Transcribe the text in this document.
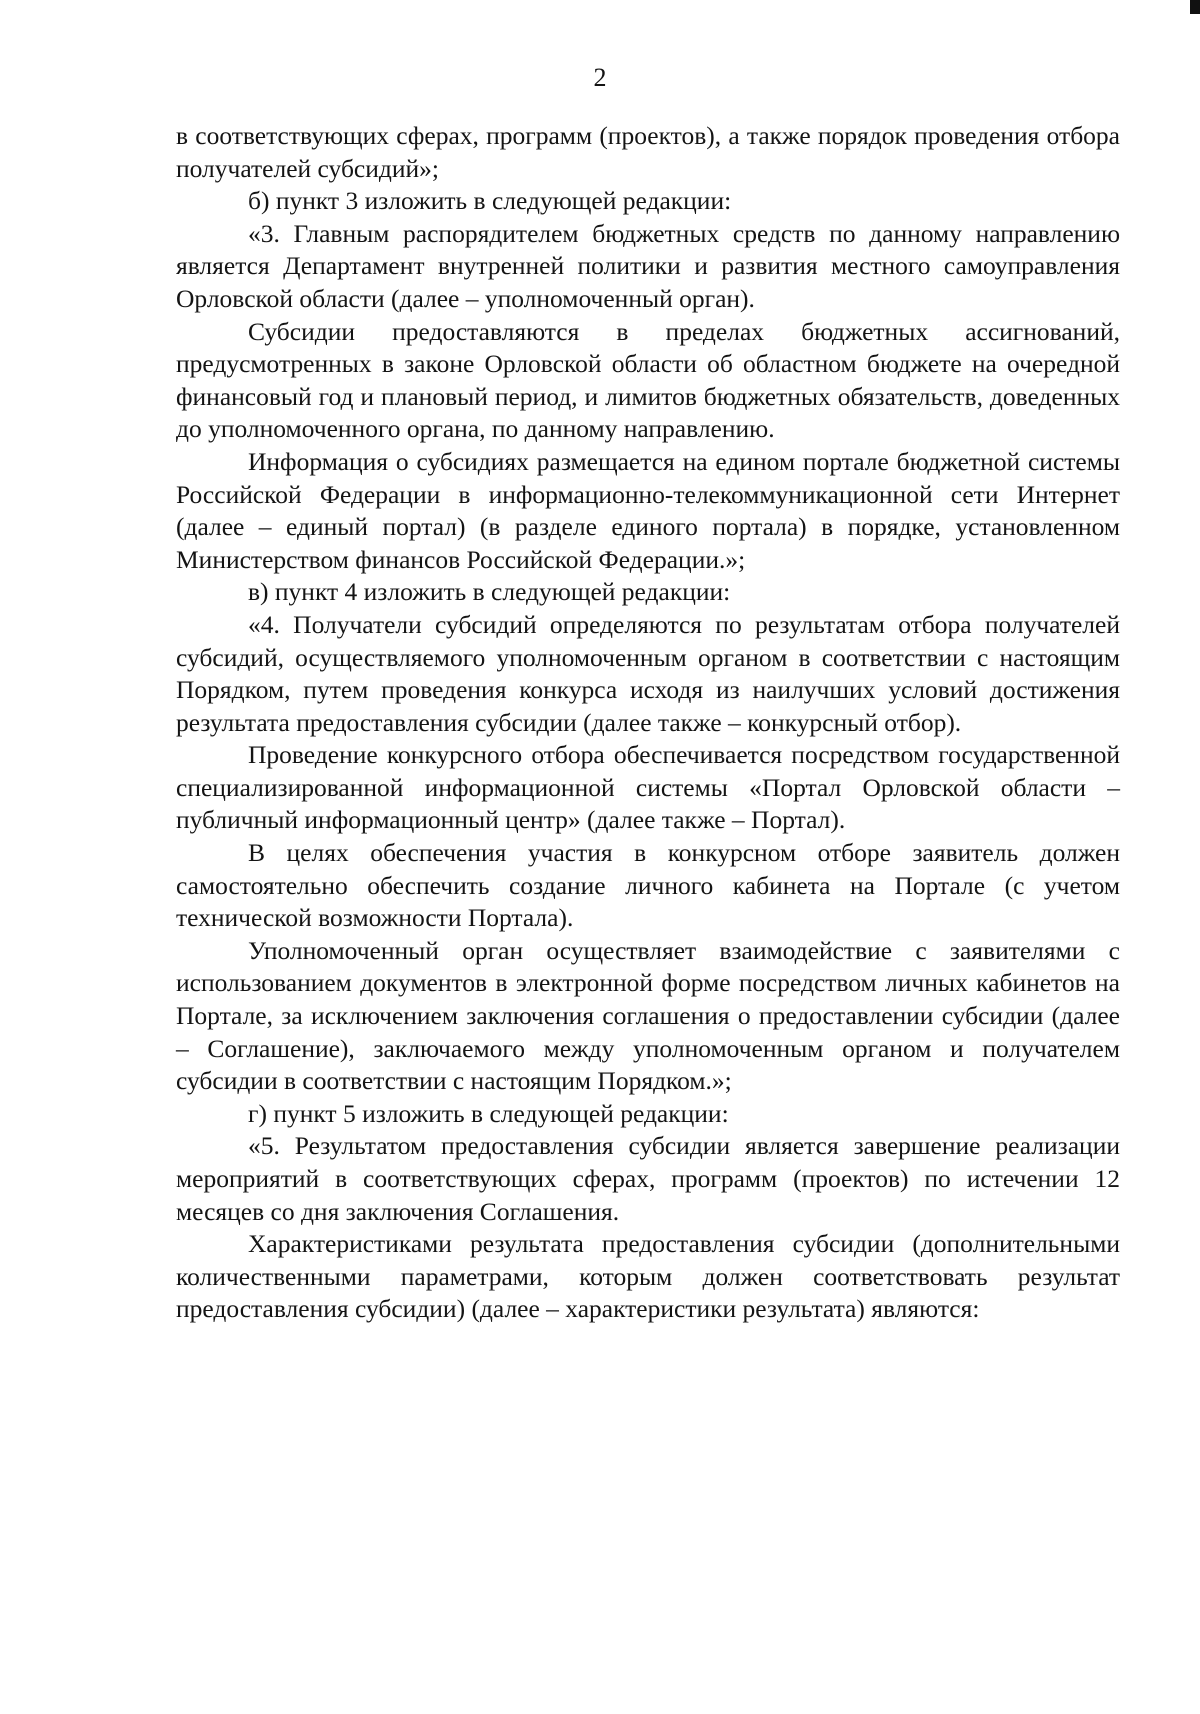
2

в соответствующих сферах, программ (проектов), а также порядок проведения отбора получателей субсидий»;

б) пункт 3 изложить в следующей редакции:

«3. Главным распорядителем бюджетных средств по данному направлению является Департамент внутренней политики и развития местного самоуправления Орловской области (далее – уполномоченный орган).

Субсидии предоставляются в пределах бюджетных ассигнований, предусмотренных в законе Орловской области об областном бюджете на очередной финансовый год и плановый период, и лимитов бюджетных обязательств, доведенных до уполномоченного органа, по данному направлению.

Информация о субсидиях размещается на едином портале бюджетной системы Российской Федерации в информационно-телекоммуникационной сети Интернет (далее – единый портал) (в разделе единого портала) в порядке, установленном Министерством финансов Российской Федерации.»;

в) пункт 4 изложить в следующей редакции:

«4. Получатели субсидий определяются по результатам отбора получателей субсидий, осуществляемого уполномоченным органом в соответствии с настоящим Порядком, путем проведения конкурса исходя из наилучших условий достижения результата предоставления субсидии (далее также – конкурсный отбор).

Проведение конкурсного отбора обеспечивается посредством государственной специализированной информационной системы «Портал Орловской области – публичный информационный центр» (далее также – Портал).

В целях обеспечения участия в конкурсном отборе заявитель должен самостоятельно обеспечить создание личного кабинета на Портале (с учетом технической возможности Портала).

Уполномоченный орган осуществляет взаимодействие с заявителями с использованием документов в электронной форме посредством личных кабинетов на Портале, за исключением заключения соглашения о предоставлении субсидии (далее – Соглашение), заключаемого между уполномоченным органом и получателем субсидии в соответствии с настоящим Порядком.»;

г) пункт 5 изложить в следующей редакции:

«5. Результатом предоставления субсидии является завершение реализации мероприятий в соответствующих сферах, программ (проектов) по истечении 12 месяцев со дня заключения Соглашения.

Характеристиками результата предоставления субсидии (дополнительными количественными параметрами, которым должен соответствовать результат предоставления субсидии) (далее – характеристики результата) являются:
